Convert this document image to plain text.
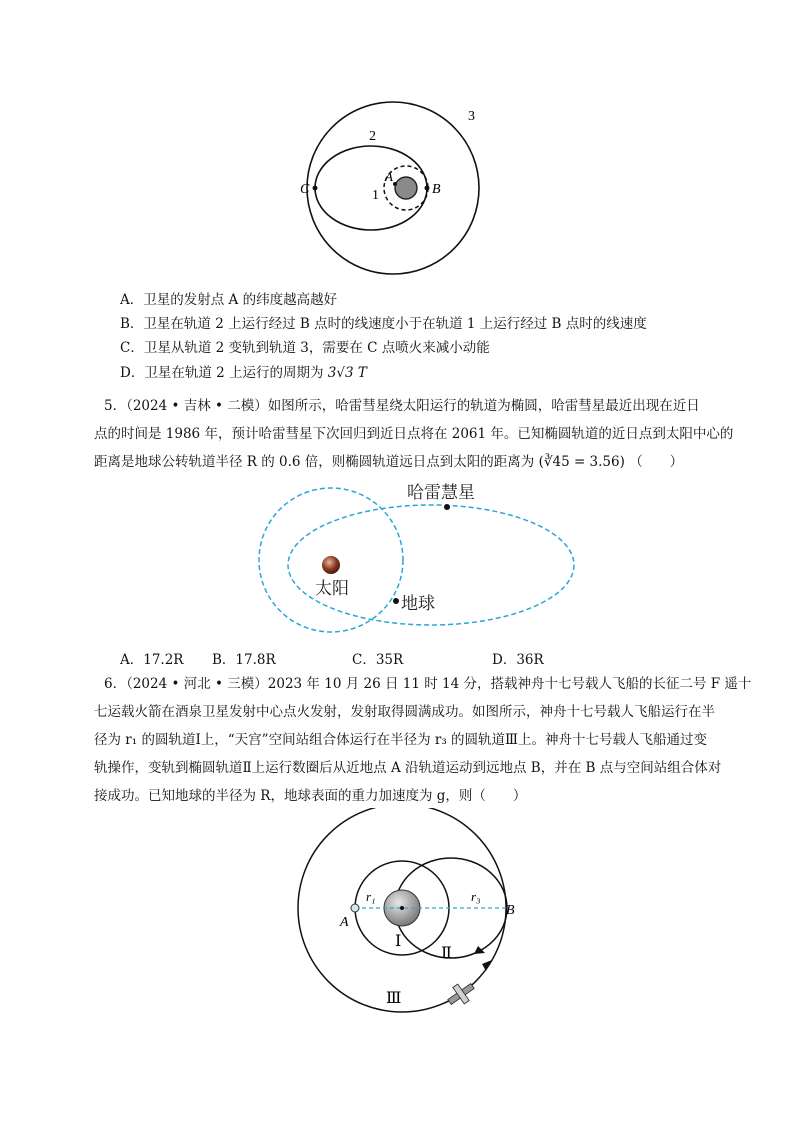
3
2
1
A
B
C
A．卫星的发射点 A 的纬度越高越好
B．卫星在轨道 2 上运行经过 B 点时的线速度小于在轨道 1 上运行经过 B 点时的线速度
C．卫星从轨道 2 变轨到轨道 3，需要在 C 点喷火来减小动能
D．卫星在轨道 2 上运行的周期为 3√3 T
5．（2024 • 吉林 • 二模）如图所示，哈雷彗星绕太阳运行的轨道为椭圆，哈雷彗星最近出现在近日
点的时间是 1986 年，预计哈雷彗星下次回归到近日点将在 2061 年。已知椭圆轨道的近日点到太阳中心的
距离是地球公转轨道半径 R 的 0.6 倍，则椭圆轨道远日点到太阳的距离为 (∛45 = 3.56) （　　）
哈雷慧星
太阳
地球
A．17.2R B．17.8R	C．35R	D．36R
6．（2024 • 河北 • 三模）2023 年 10 月 26 日 11 时 14 分，搭载神舟十七号载人飞船的长征二号 F 遥十
七运载火箭在酒泉卫星发射中心点火发射，发射取得圆满成功。如图所示，神舟十七号载人飞船运行在半
径为 r₁ 的圆轨道Ⅰ上，“天宫”空间站组合体运行在半径为 r₃ 的圆轨道Ⅲ上。神舟十七号载人飞船通过变
轨操作，变轨到椭圆轨道Ⅱ上运行数圈后从近地点 A 沿轨道运动到远地点 B，并在 B 点与空间站组合体对
接成功。已知地球的半径为 R，地球表面的重力加速度为 g，则（　　）
A
B
r₁	r₃
Ⅰ
Ⅱ
Ⅲ
